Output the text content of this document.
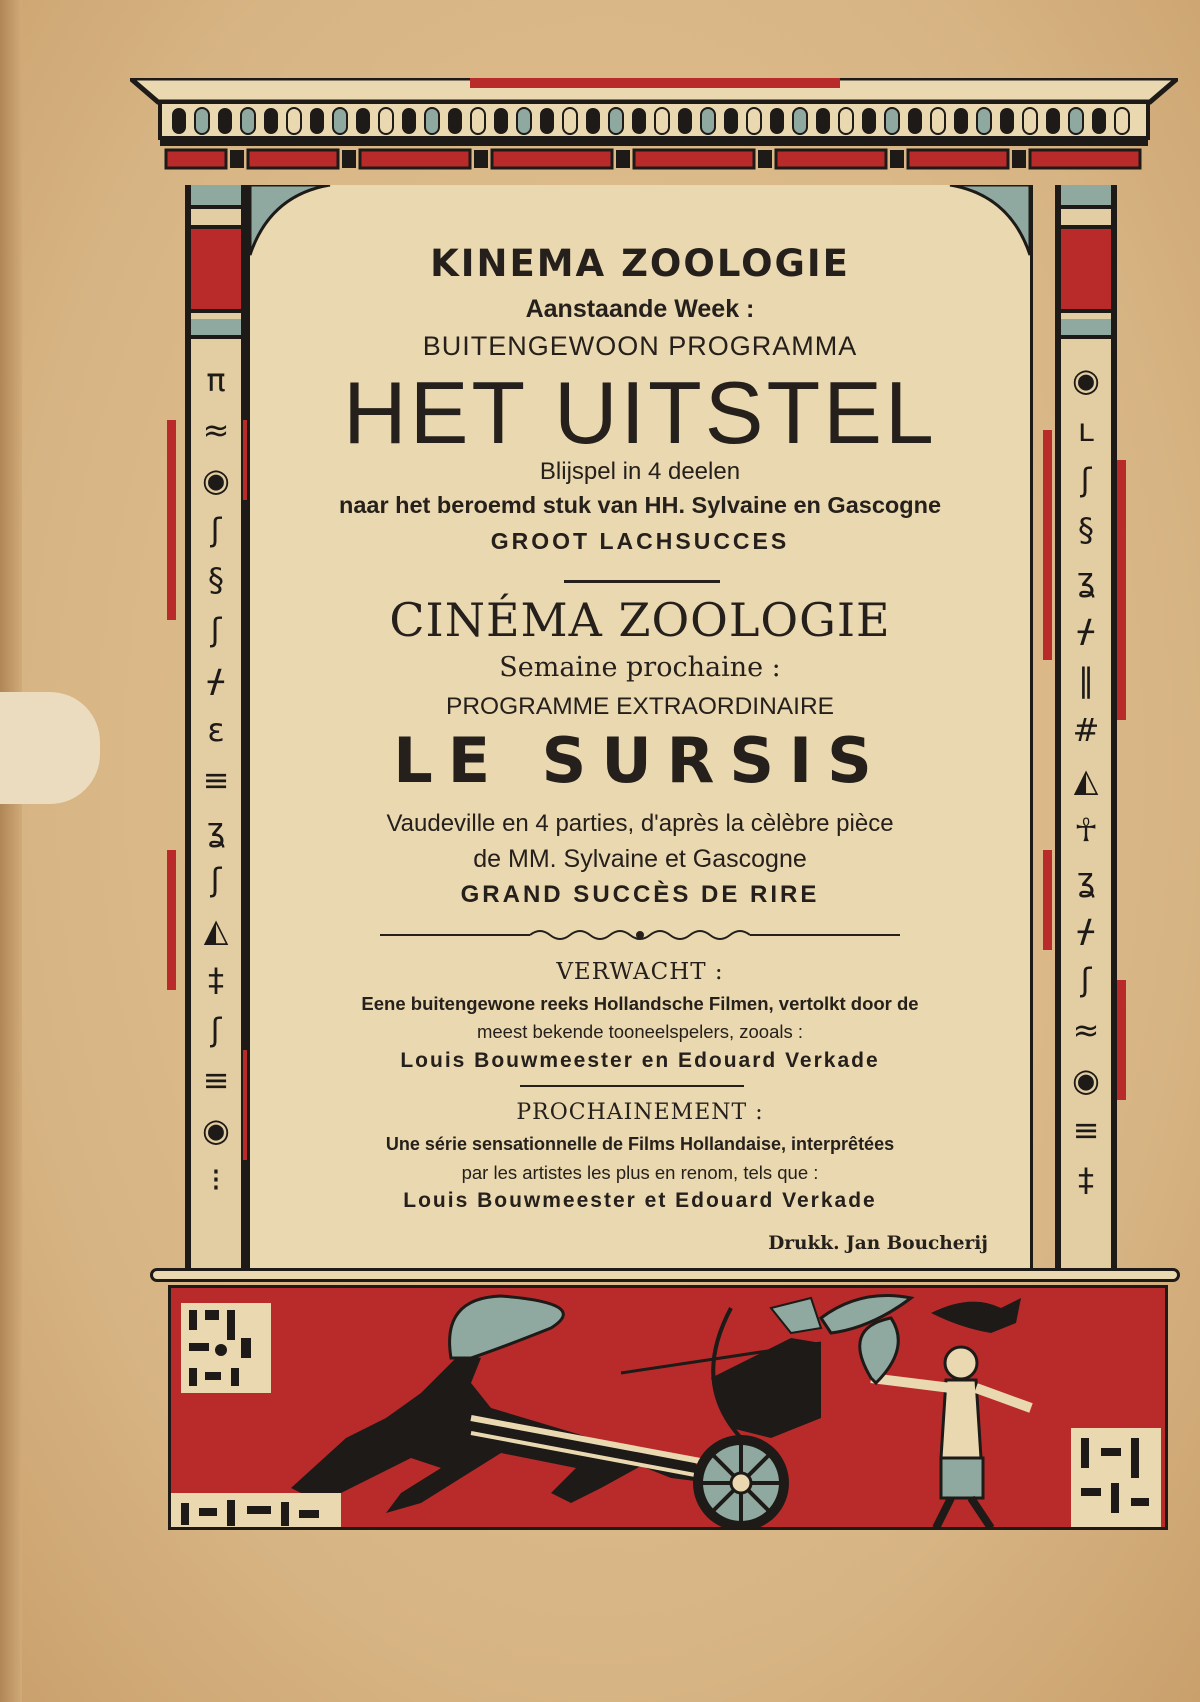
π
≈
◉
ʃ
§
ʃ
ᚋ
ε
≡
ʓ
ʃ
◭
‡
ʃ
≡
◉
⁝
◉
ʟ
ʃ
§
ʓ
ᚋ
‖
#
◭
☥
ʓ
ᚋ
ʃ
≈
◉
≡
‡
KINEMA ZOOLOGIE
Aanstaande Week :
BUITENGEWOON PROGRAMMA
HET UITSTEL
Blijspel in 4 deelen
naar het beroemd stuk van HH. Sylvaine en Gascogne
GROOT LACHSUCCES
CINÉMA ZOOLOGIE
Semaine prochaine :
PROGRAMME EXTRAORDINAIRE
LE SURSIS
Vaudeville en 4 parties, d'après la cèlèbre pièce
de MM. Sylvaine et Gascogne
GRAND SUCCÈS DE RIRE
VERWACHT :
Eene buitengewone reeks Hollandsche Filmen, vertolkt door de
meest bekende tooneelspelers, zooals :
Louis Bouwmeester en Edouard Verkade
PROCHAINEMENT :
Une série sensationnelle de Films Hollandaise, interprêtées
par les artistes les plus en renom, tels que :
Louis Bouwmeester et Edouard Verkade
Drukk. Jan Boucherij
